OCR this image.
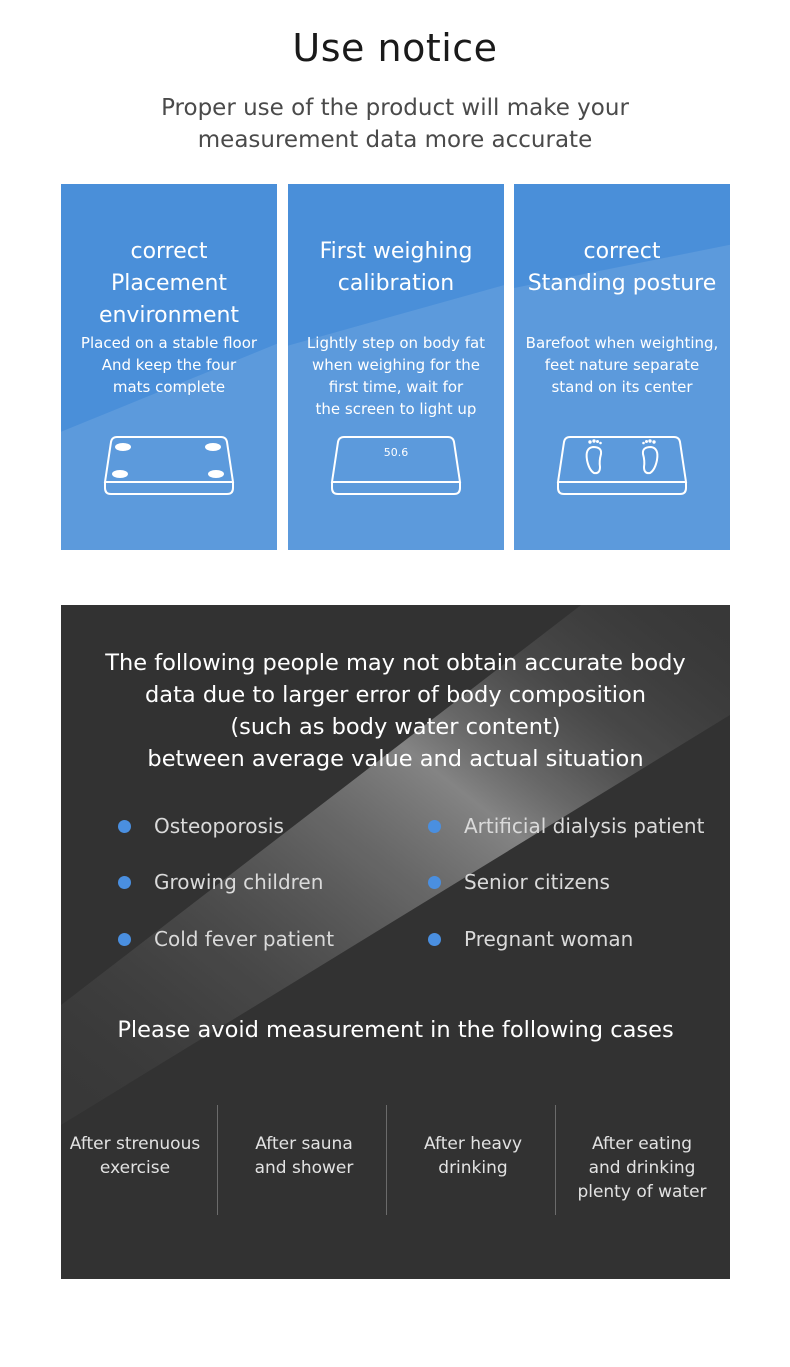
Use notice
Proper use of the product will make your
measurement data more accurate
correct
Placement
environment
Placed on a stable floor
And keep the four
mats complete
First weighing
calibration
Lightly step on body fat
when weighing for the
first time, wait for
the screen to light up
50.6
correct
Standing posture
Barefoot when weighting,
feet nature separate
stand on its center
The following people may not obtain accurate body
data due to larger error of body composition
(such as body water content)
between average value and actual situation
Osteoporosis	Artificial dialysis patient
Growing children	Senior citizens
Cold fever patient	Pregnant woman
Please avoid measurement in the following cases
After strenuous
exercise
After sauna
and shower
After heavy
drinking
After eating
and drinking
plenty of water
